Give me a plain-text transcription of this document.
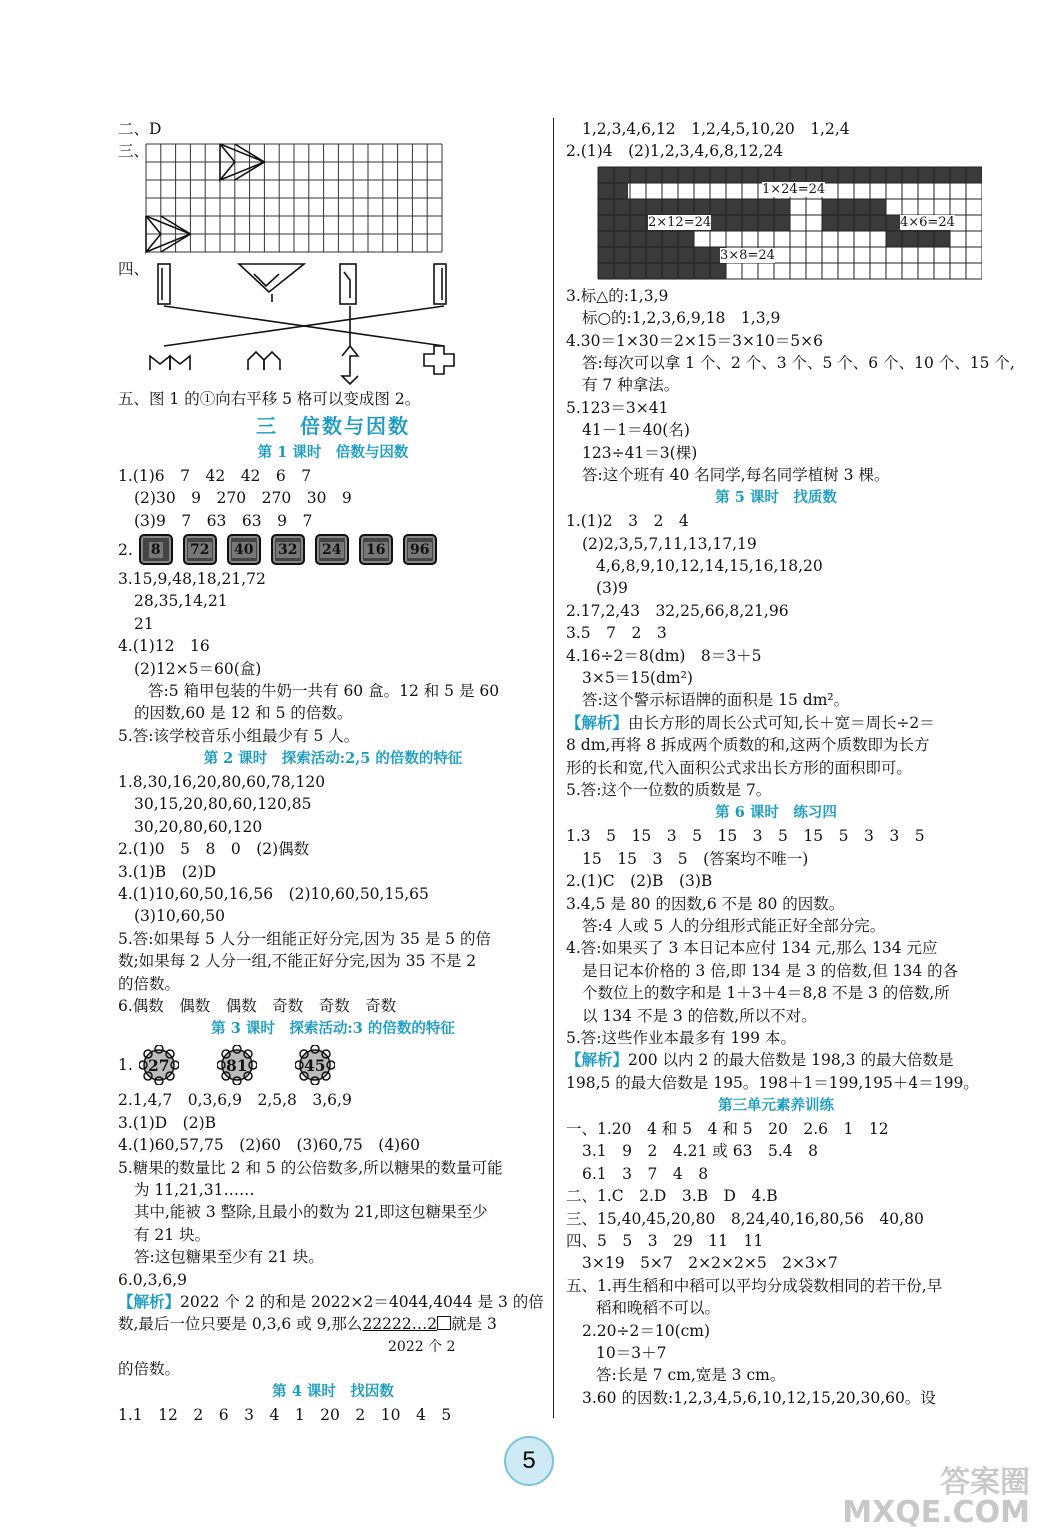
二、D
三、
四、
五、图 1 的①向右平移 5 格可以变成图 2。
三　倍数与因数
第 1 课时　倍数与因数
1.(1)6　7　42　42　6　7
(2)30　9　270　270　30　9
(3)9　7　63　63　9　7
2. 8 72 40 32 24 16 96
3.15,9,48,18,21,72
28,35,14,21
21
4.(1)12　16
(2)12×5＝60(盒)
答:5 箱甲包装的牛奶一共有 60 盒。12 和 5 是 60
的因数,60 是 12 和 5 的倍数。
5.答:该学校音乐小组最少有 5 人。
第 2 课时　探索活动:2,5 的倍数的特征
1.8,30,16,20,80,60,78,120
30,15,20,80,60,120,85
30,20,80,60,120
2.(1)0　5　8　0　(2)偶数
3.(1)B　(2)D
4.(1)10,60,50,16,56　(2)10,60,50,15,65
(3)10,60,50
5.答:如果每 5 人分一组能正好分完,因为 35 是 5 的倍
数;如果每 2 人分一组,不能正好分完,因为 35 不是 2
的倍数。
6.偶数　偶数　偶数　奇数　奇数　奇数
第 3 课时　探索活动:3 的倍数的特征
1. 27	81	45
2.1,4,7　0,3,6,9　2,5,8　3,6,9
3.(1)D　(2)B
4.(1)60,57,75　(2)60　(3)60,75　(4)60
5.糖果的数量比 2 和 5 的公倍数多,所以糖果的数量可能
为 11,21,31……
其中,能被 3 整除,且最小的数为 21,即这包糖果至少
有 21 块。
答:这包糖果至少有 21 块。
6.0,3,6,9
【解析】2022 个 2 的和是 2022×2＝4044,4044 是 3 的倍
数,最后一位只要是 0,3,6 或 9,那么22222…2 就是 3
2022 个 2
的倍数。
第 4 课时　找因数
1.1　12　2　6　3　4　1　20　2　10　4　5
1,2,3,4,6,12　1,2,4,5,10,20　1,2,4
2.(1)4　(2)1,2,3,4,6,8,12,24
1×24=24
2×12=24	4×6=24
3×8=24
3.标△的:1,3,9
标○的:1,2,3,6,9,18　1,3,9
4.30＝1×30＝2×15＝3×10＝5×6
答:每次可以拿 1 个、2 个、3 个、5 个、6 个、10 个、15 个,
有 7 种拿法。
5.123＝3×41
41－1＝40(名)
123÷41＝3(棵)
答:这个班有 40 名同学,每名同学植树 3 棵。
第 5 课时　找质数
1.(1)2　3　2　4
(2)2,3,5,7,11,13,17,19
4,6,8,9,10,12,14,15,16,18,20
(3)9
2.17,2,43　32,25,66,8,21,96
3.5　7　2　3
4.16÷2＝8(dm)　8＝3＋5
3×5＝15(dm²)
答:这个警示标语牌的面积是 15 dm²。
【解析】由长方形的周长公式可知,长＋宽＝周长÷2＝
8 dm,再将 8 拆成两个质数的和,这两个质数即为长方
形的长和宽,代入面积公式求出长方形的面积即可。
5.答:这个一位数的质数是 7。
第 6 课时　练习四
1.3　5　15　3　5　15　3　5　15　5　3　3　5
15　15　3　5　(答案均不唯一)
2.(1)C　(2)B　(3)B
3.4,5 是 80 的因数,6 不是 80 的因数。
答:4 人或 5 人的分组形式能正好全部分完。
4.答:如果买了 3 本日记本应付 134 元,那么 134 元应
是日记本价格的 3 倍,即 134 是 3 的倍数,但 134 的各
个数位上的数字和是 1＋3＋4＝8,8 不是 3 的倍数,所
以 134 不是 3 的倍数,所以不对。
5.答:这些作业本最多有 199 本。
【解析】200 以内 2 的最大倍数是 198,3 的最大倍数是
198,5 的最大倍数是 195。198＋1＝199,195＋4＝199。
第三单元素养训练
一、1.20　4 和 5　4 和 5　20　2.6　1　12
3.1　9　2　4.21 或 63　5.4　8
6.1　3　7　4　8
二、1.C　2.D　3.B　D　4.B
三、15,40,45,20,80　8,24,40,16,80,56　40,80
四、5　5　3　29　11　11
3×19　5×7　2×2×2×5　2×3×7
五、1.再生稻和中稻可以平均分成袋数相同的若干份,早
稻和晚稻不可以。
2.20÷2＝10(cm)
10＝3＋7
答:长是 7 cm,宽是 3 cm。
3.60 的因数:1,2,3,4,5,6,10,12,15,20,30,60。设
5
答案圈 MXQE.COM
